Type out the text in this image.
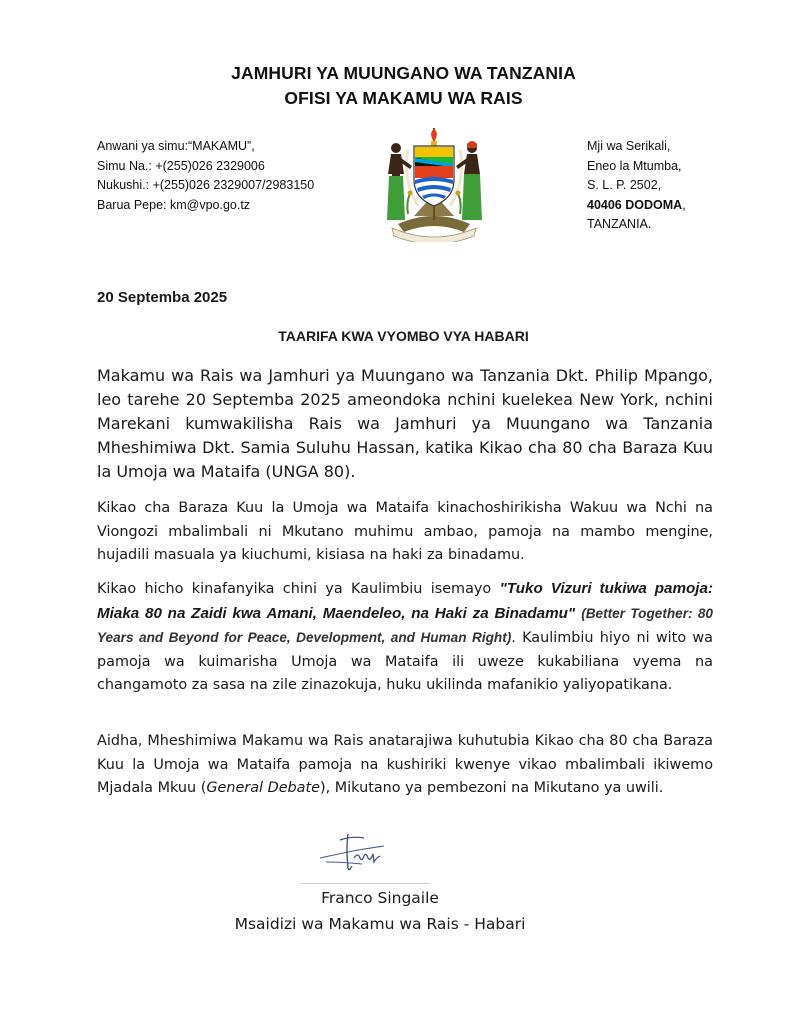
JAMHURI YA MUUNGANO WA TANZANIA
OFISI YA MAKAMU WA RAIS
Anwani ya simu:“MAKAMU”,
Simu Na.: +(255)026 2329006
Nukushi.: +(255)026 2329007/2983150
Barua Pepe: km@vpo.go.tz
Mji wa Serikali,
Eneo la Mtumba,
S. L. P. 2502,
40406 DODOMA,
TANZANIA.
20 Septemba 2025
TAARIFA KWA VYOMBO VYA HABARI
Makamu wa Rais wa Jamhuri ya Muungano wa Tanzania Dkt. Philip Mpango, leo tarehe 20 Septemba 2025 ameondoka nchini kuelekea New York, nchini Marekani kumwakilisha Rais wa Jamhuri ya Muungano wa Tanzania Mheshimiwa Dkt. Samia Suluhu Hassan, katika Kikao cha 80 cha Baraza Kuu la Umoja wa Mataifa (UNGA 80).
Kikao cha Baraza Kuu la Umoja wa Mataifa kinachoshirikisha Wakuu wa Nchi na Viongozi mbalimbali ni Mkutano muhimu ambao, pamoja na mambo mengine, hujadili masuala ya kiuchumi, kisiasa na haki za binadamu.
Kikao hicho kinafanyika chini ya Kaulimbiu isemayo "Tuko Vizuri tukiwa pamoja: Miaka 80 na Zaidi kwa Amani, Maendeleo, na Haki za Binadamu" (Better Together: 80 Years and Beyond for Peace, Development, and Human Right). Kaulimbiu hiyo ni wito wa pamoja wa kuimarisha Umoja wa Mataifa ili uweze kukabiliana vyema na changamoto za sasa na zile zinazokuja, huku ukilinda mafanikio yaliyopatikana.
Aidha, Mheshimiwa Makamu wa Rais anatarajiwa kuhutubia Kikao cha 80 cha Baraza Kuu la Umoja wa Mataifa pamoja na kushiriki kwenye vikao mbalimbali ikiwemo Mjadala Mkuu (General Debate), Mikutano ya pembezoni na Mikutano ya uwili.
Franco Singaile
Msaidizi wa Makamu wa Rais - Habari
